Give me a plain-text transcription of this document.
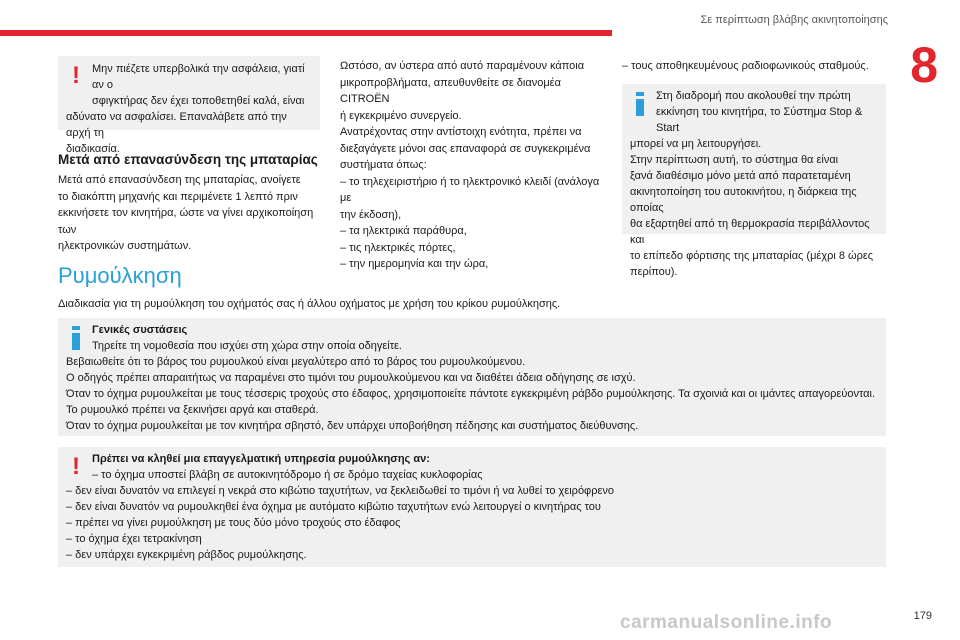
Σε περίπτωση βλάβης ακινητοποίησης
8
!	Μην πιέζετε υπερβολικά την ασφάλεια, γιατί αν ο
σφιγκτήρας δεν έχει τοποθετηθεί καλά, είναι
αδύνατο να ασφαλίσει. Επαναλάβετε από την αρχή τη
διαδικασία.
Μετά από επανασύνδεση της μπαταρίας
Μετά από επανασύνδεση της μπαταρίας, ανοίγετε
το διακόπτη μηχανής και περιμένετε 1 λεπτό πριν
εκκινήσετε τον κινητήρα, ώστε να γίνει αρχικοποίηση των
ηλεκτρονικών συστημάτων.
Ωστόσο, αν ύστερα από αυτό παραμένουν κάποια
μικροπροβλήματα, απευθυνθείτε σε διανομέα CITROËN
ή εγκεκριμένο συνεργείο.
Ανατρέχοντας στην αντίστοιχη ενότητα, πρέπει να
διεξαγάγετε μόνοι σας επαναφορά σε συγκεκριμένα
συστήματα όπως:
– το τηλεχειριστήριο ή το ηλεκτρονικό κλειδί (ανάλογα με
την έκδοση),
– τα ηλεκτρικά παράθυρα,
– τις ηλεκτρικές πόρτες,
– την ημερομηνία και την ώρα,
– τους αποθηκευμένους ραδιοφωνικούς σταθμούς.
Στη διαδρομή που ακολουθεί την πρώτη
εκκίνηση του κινητήρα, το Σύστημα Stop & Start
μπορεί να μη λειτουργήσει.
Στην περίπτωση αυτή, το σύστημα θα είναι
ξανά διαθέσιμο μόνο μετά από παρατεταμένη
ακινητοποίηση του αυτοκινήτου, η διάρκεια της οποίας
θα εξαρτηθεί από τη θερμοκρασία περιβάλλοντος και
το επίπεδο φόρτισης της μπαταρίας (μέχρι 8 ώρες
περίπου).
Ρυμούλκηση
Διαδικασία για τη ρυμούλκηση του οχήματός σας ή άλλου οχήματος με χρήση του κρίκου ρυμούλκησης.
Γενικές συστάσεις
Τηρείτε τη νομοθεσία που ισχύει στη χώρα στην οποία οδηγείτε.
Βεβαιωθείτε ότι το βάρος του ρυμουλκού είναι μεγαλύτερο από το βάρος του ρυμουλκούμενου.
Ο οδηγός πρέπει απαραιτήτως να παραμένει στο τιμόνι του ρυμουλκούμενου και να διαθέτει άδεια οδήγησης σε ισχύ.
Όταν το όχημα ρυμουλκείται με τους τέσσερις τροχούς στο έδαφος, χρησιμοποιείτε πάντοτε εγκεκριμένη ράβδο ρυμούλκησης. Τα σχοινιά και οι ιμάντες απαγορεύονται.
Το ρυμουλκό πρέπει να ξεκινήσει αργά και σταθερά.
Όταν το όχημα ρυμουλκείται με τον κινητήρα σβηστό, δεν υπάρχει υποβοήθηση πέδησης και συστήματος διεύθυνσης.
!	Πρέπει να κληθεί μια επαγγελματική υπηρεσία ρυμούλκησης αν:
– το όχημα υποστεί βλάβη σε αυτοκινητόδρομο ή σε δρόμο ταχείας κυκλοφορίας
– δεν είναι δυνατόν να επιλεγεί η νεκρά στο κιβώτιο ταχυτήτων, να ξεκλειδωθεί το τιμόνι ή να λυθεί το χειρόφρενο
– δεν είναι δυνατόν να ρυμουλκηθεί ένα όχημα με αυτόματο κιβώτιο ταχυτήτων ενώ λειτουργεί ο κινητήρας του
– πρέπει να γίνει ρυμούλκηση με τους δύο μόνο τροχούς στο έδαφος
– το όχημα έχει τετρακίνηση
– δεν υπάρχει εγκεκριμένη ράβδος ρυμούλκησης.
carmanualsonline.info	179
